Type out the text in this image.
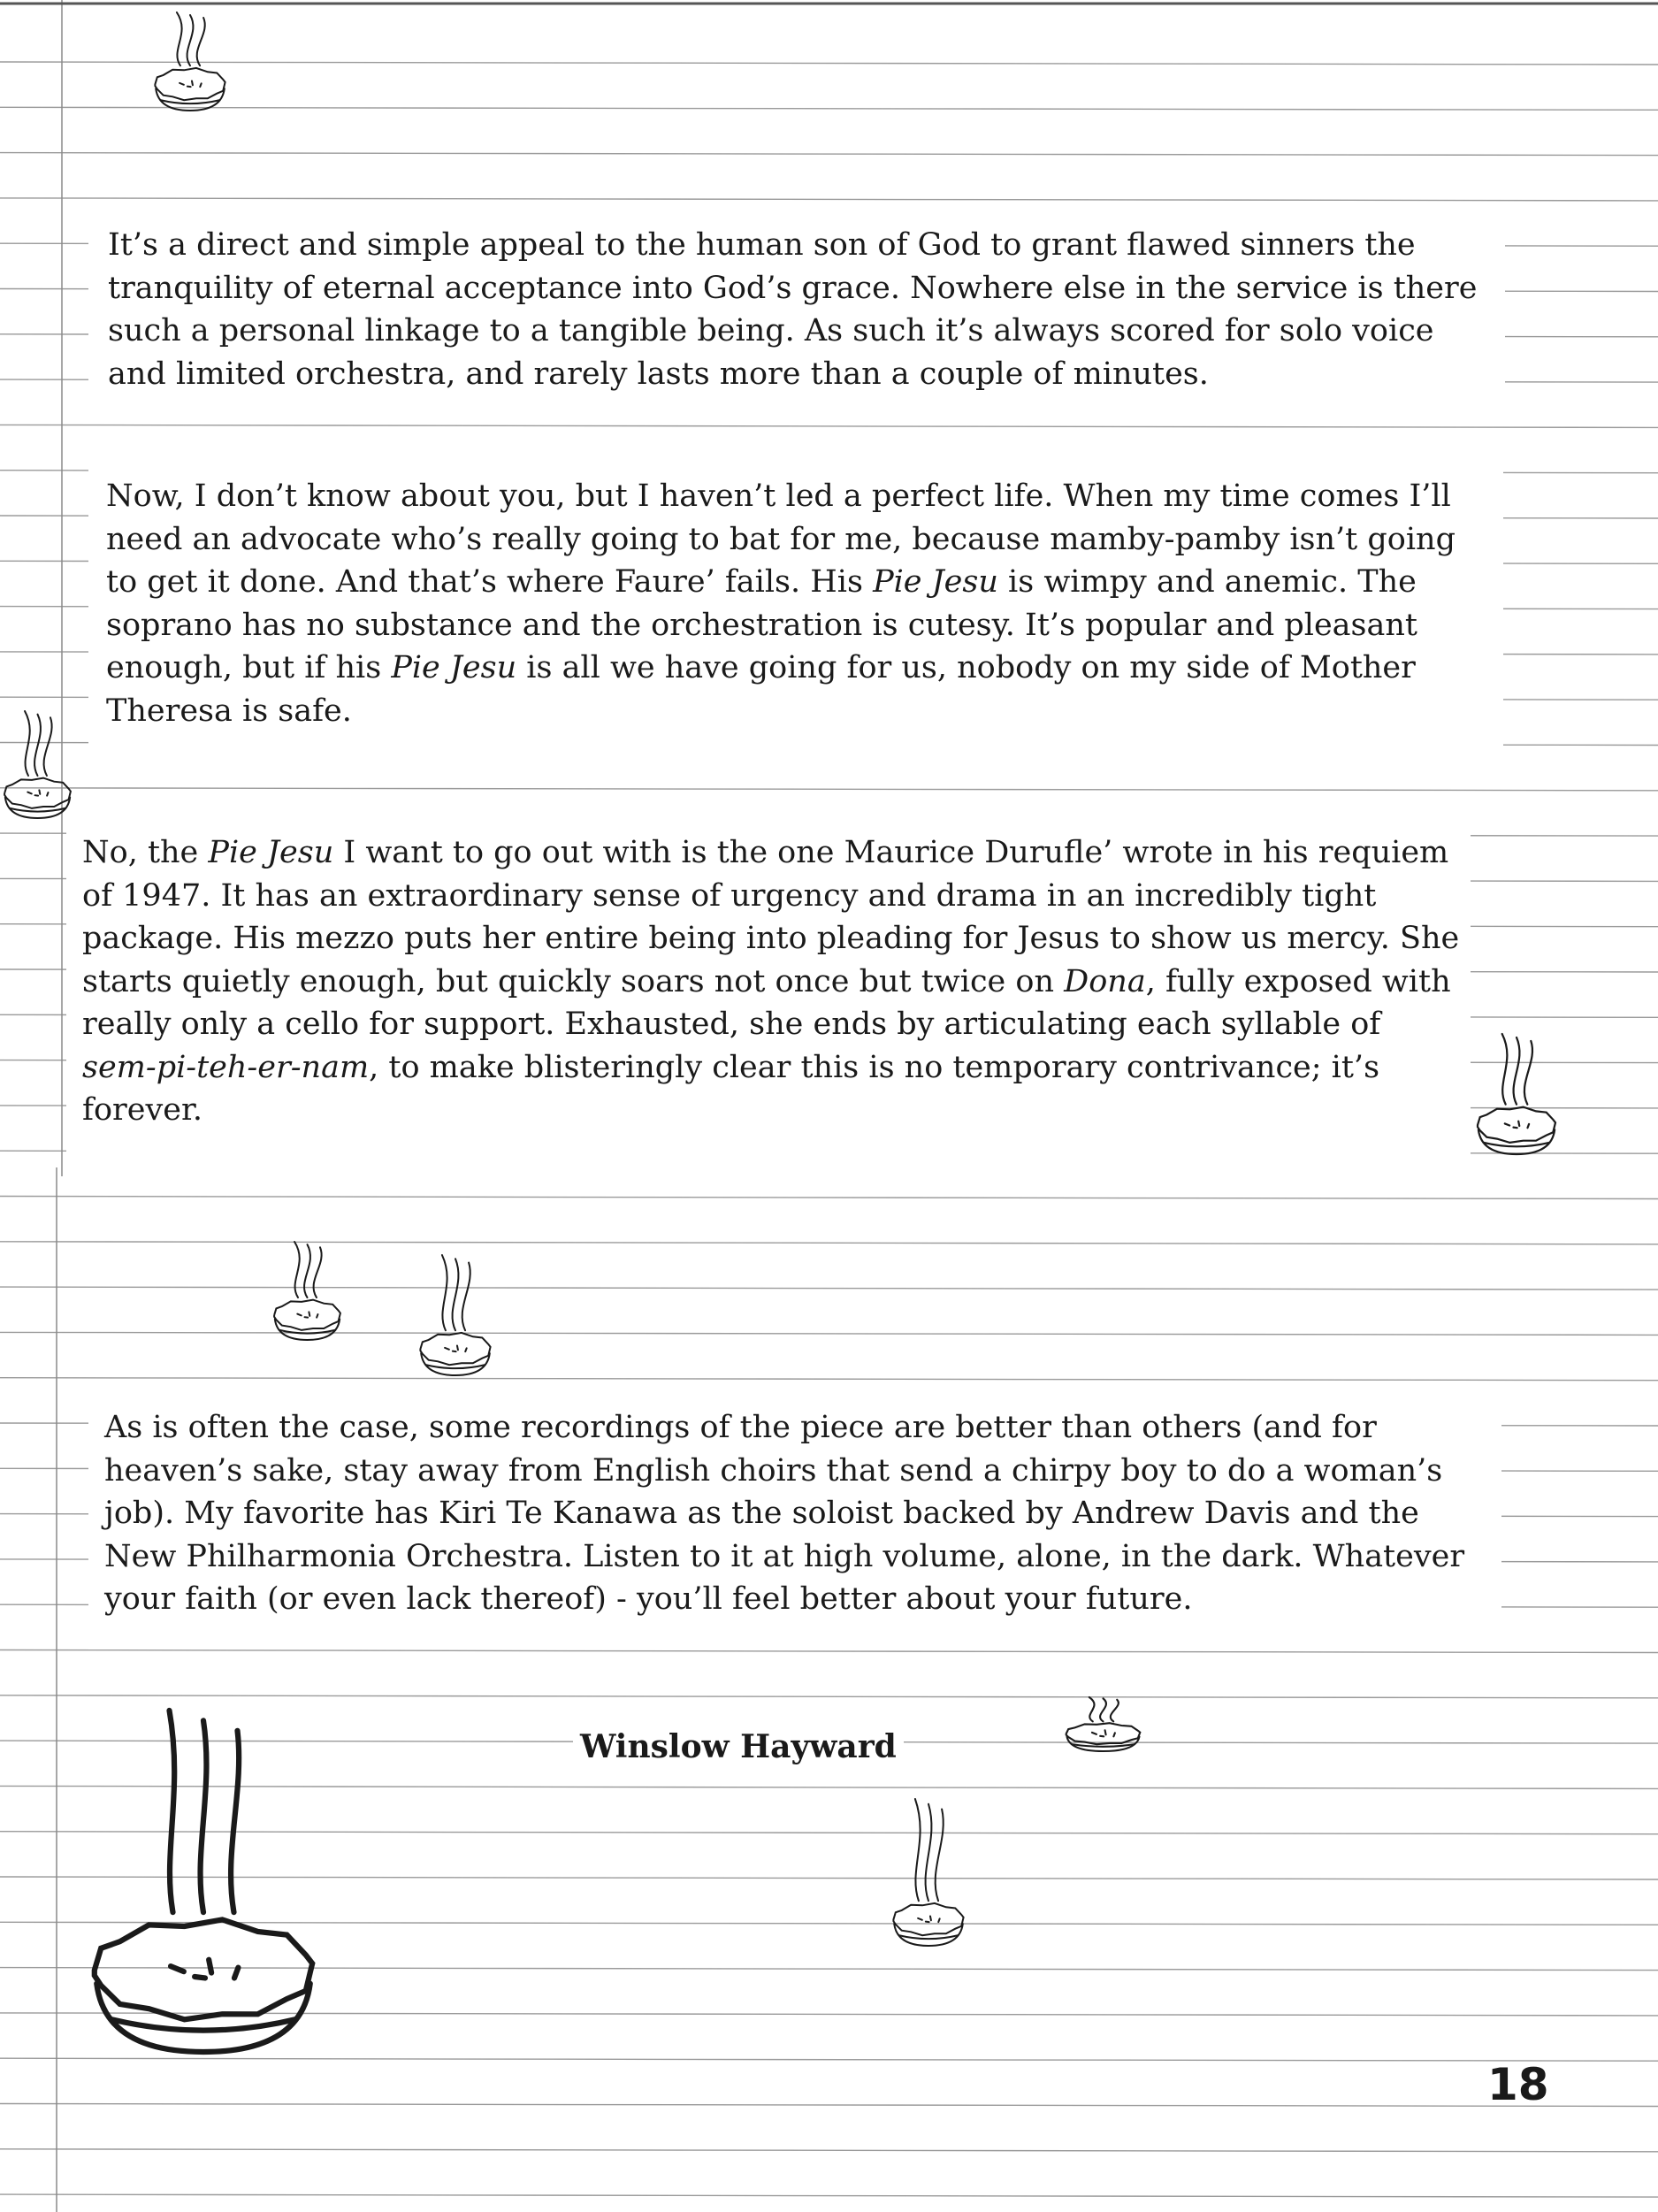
It’s a direct and simple appeal to the human son of God to grant flawed sinners the
tranquility of eternal acceptance into God’s grace. Nowhere else in the service is there
such a personal linkage to a tangible being. As such it’s always scored for solo voice
and limited orchestra, and rarely lasts more than a couple of minutes.
Now, I don’t know about you, but I haven’t led a perfect life. When my time comes I’ll
need an advocate who’s really going to bat for me, because mamby-pamby isn’t going
to get it done. And that’s where Faure’ fails. His Pie Jesu is wimpy and anemic. The
soprano has no substance and the orchestration is cutesy. It’s popular and pleasant
enough, but if his Pie Jesu is all we have going for us, nobody on my side of Mother
Theresa is safe.
No, the Pie Jesu I want to go out with is the one Maurice Durufle’ wrote in his requiem
of 1947. It has an extraordinary sense of urgency and drama in an incredibly tight
package. His mezzo puts her entire being into pleading for Jesus to show us mercy. She
starts quietly enough, but quickly soars not once but twice on Dona, fully exposed with
really only a cello for support. Exhausted, she ends by articulating each syllable of
sem-pi-teh-er-nam, to make blisteringly clear this is no temporary contrivance; it’s
forever.
As is often the case, some recordings of the piece are better than others (and for
heaven’s sake, stay away from English choirs that send a chirpy boy to do a woman’s
job). My favorite has Kiri Te Kanawa as the soloist backed by Andrew Davis and the
New Philharmonia Orchestra. Listen to it at high volume, alone, in the dark. Whatever
your faith (or even lack thereof) - you’ll feel better about your future.
Winslow Hayward
18
